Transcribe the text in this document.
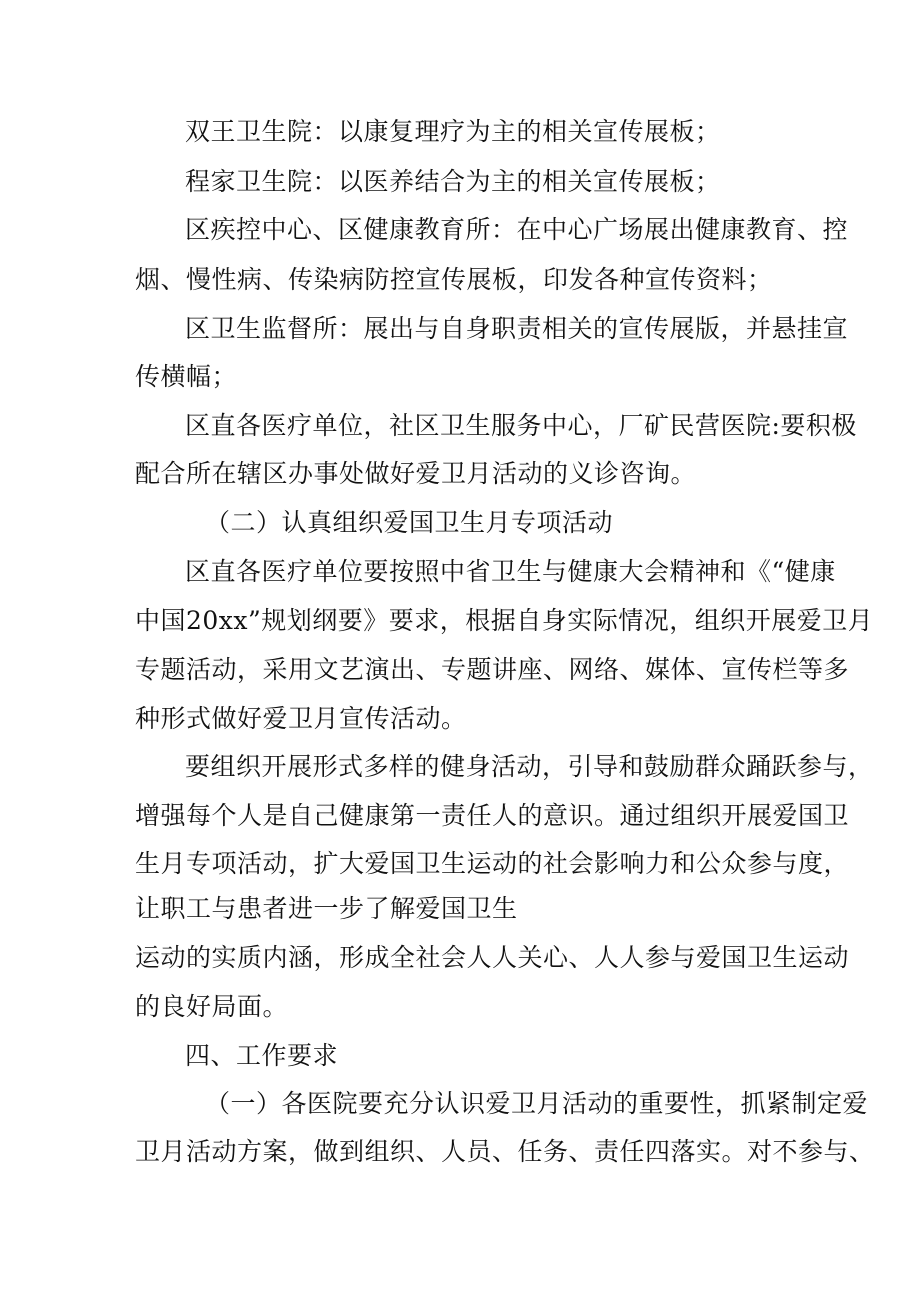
双王卫生院：以康复理疗为主的相关宣传展板；
程家卫生院：以医养结合为主的相关宣传展板；
区疾控中心、区健康教育所：在中心广场展出健康教育、控
烟、慢性病、传染病防控宣传展板，印发各种宣传资料；
区卫生监督所：展出与自身职责相关的宣传展版，并悬挂宣
传横幅；
区直各医疗单位，社区卫生服务中心，厂矿民营医院:要积极
配合所在辖区办事处做好爱卫月活动的义诊咨询。
（二）认真组织爱国卫生月专项活动
区直各医疗单位要按照中省卫生与健康大会精神和《“健康
中国20xx”规划纲要》要求，根据自身实际情况，组织开展爱卫月
专题活动，采用文艺演出、专题讲座、网络、媒体、宣传栏等多
种形式做好爱卫月宣传活动。
要组织开展形式多样的健身活动，引导和鼓励群众踊跃参与，
增强每个人是自己健康第一责任人的意识。通过组织开展爱国卫
生月专项活动，扩大爱国卫生运动的社会影响力和公众参与度，
让职工与患者进一步了解爱国卫生
运动的实质内涵，形成全社会人人关心、人人参与爱国卫生运动
的良好局面。
四、工作要求
（一）各医院要充分认识爱卫月活动的重要性，抓紧制定爱
卫月活动方案，做到组织、人员、任务、责任四落实。对不参与、
